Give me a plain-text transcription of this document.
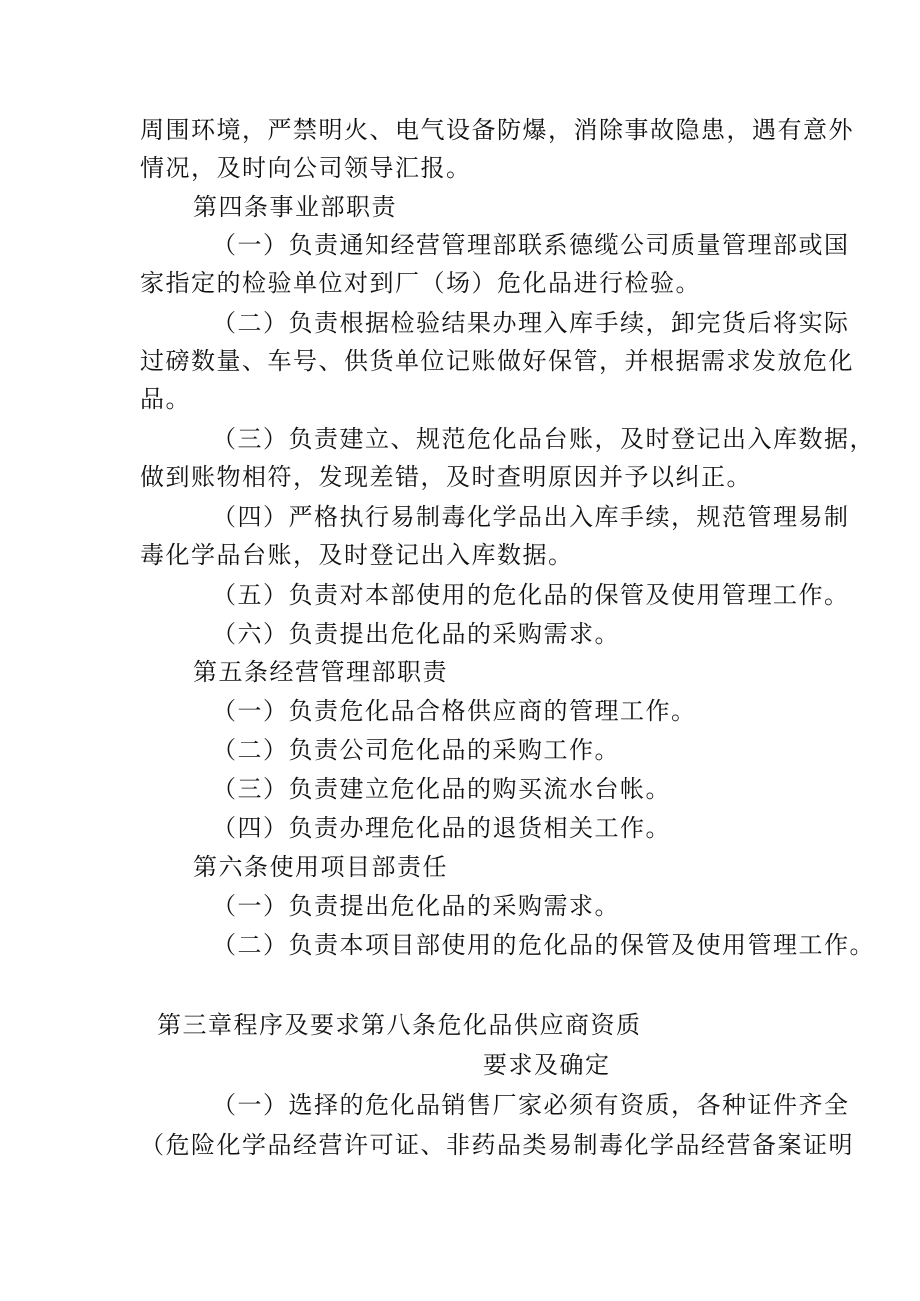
周围环境，严禁明火、电气设备防爆，消除事故隐患，遇有意外
情况，及时向公司领导汇报。
第四条事业部职责
（一）负责通知经营管理部联系德缆公司质量管理部或国
家指定的检验单位对到厂（场）危化品进行检验。
（二）负责根据检验结果办理入库手续，卸完货后将实际
过磅数量、车号、供货单位记账做好保管，并根据需求发放危化
品。
（三）负责建立、规范危化品台账，及时登记出入库数据，
做到账物相符，发现差错，及时查明原因并予以纠正。
（四）严格执行易制毒化学品出入库手续，规范管理易制
毒化学品台账，及时登记出入库数据。
（五）负责对本部使用的危化品的保管及使用管理工作。
（六）负责提出危化品的采购需求。
第五条经营管理部职责
（一）负责危化品合格供应商的管理工作。
（二）负责公司危化品的采购工作。
（三）负责建立危化品的购买流水台帐。
（四）负责办理危化品的退货相关工作。
第六条使用项目部责任
（一）负责提出危化品的采购需求。
（二）负责本项目部使用的危化品的保管及使用管理工作。
第三章程序及要求第八条危化品供应商资质
要求及确定
（一）选择的危化品销售厂家必须有资质，各种证件齐全
（危险化学品经营许可证、非药品类易制毒化学品经营备案证明
